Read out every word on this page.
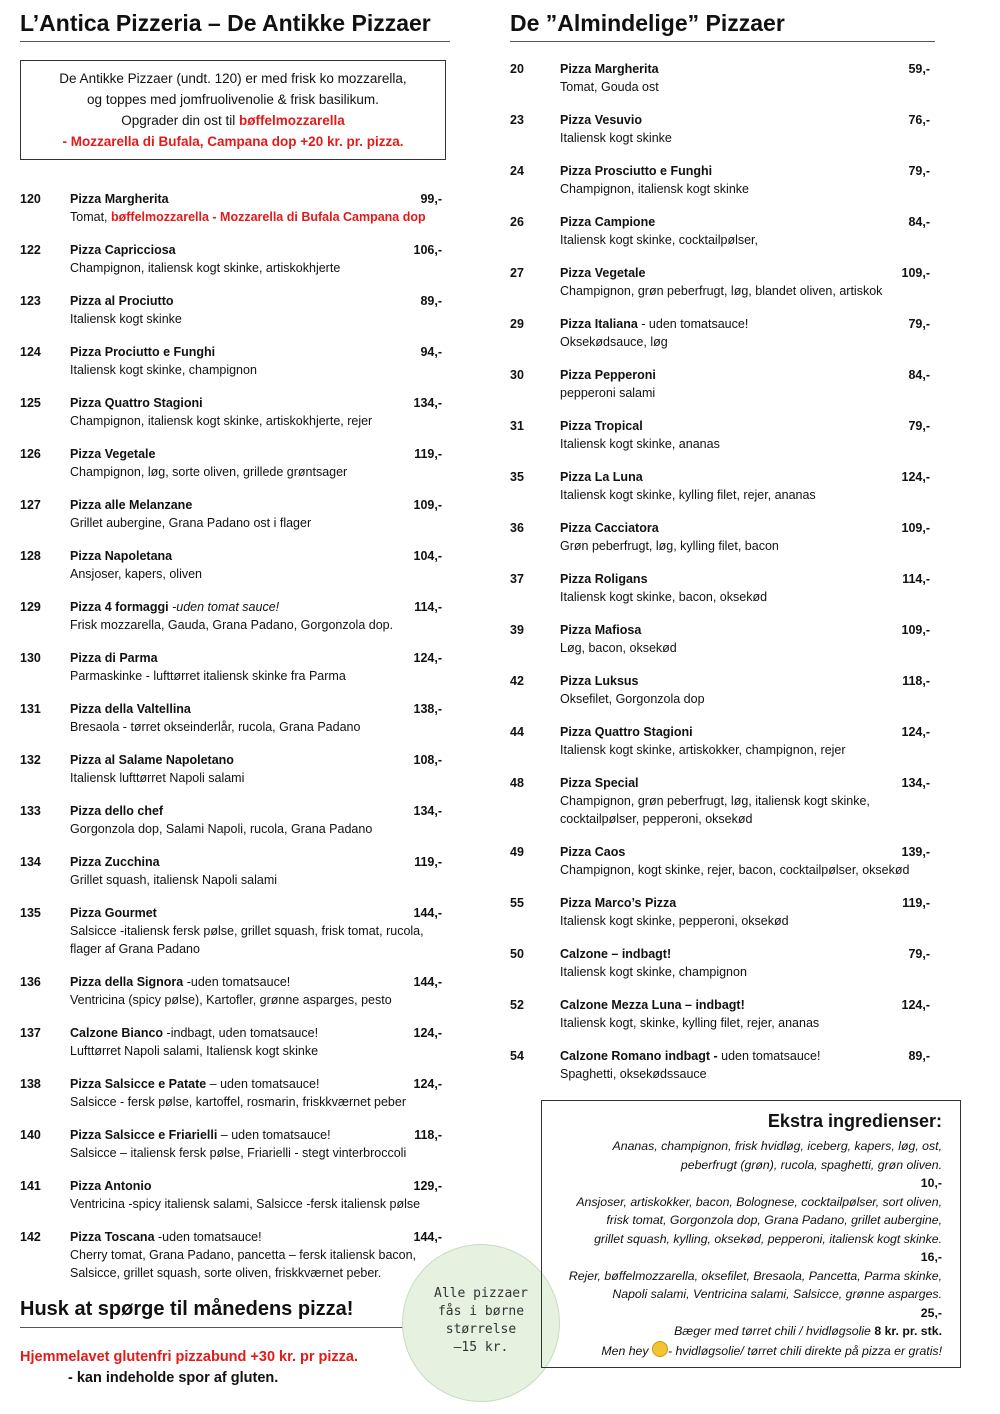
L’Antica Pizzeria – De Antikke Pizzaer
De Antikke Pizzaer (undt. 120) er med frisk ko mozzarella,
og toppes med jomfruolivenolie & frisk basilikum.
Opgrader din ost til bøffelmozzarella
- Mozzarella di Bufala, Campana dop +20 kr. pr. pizza.
120 Pizza Margherita	99,-
Tomat, bøffelmozzarella - Mozzarella di Bufala Campana dop
122 Pizza Capricciosa	106,-
Champignon, italiensk kogt skinke, artiskokhjerte
123 Pizza al Prociutto	89,-
Italiensk kogt skinke
124 Pizza Prociutto e Funghi	94,-
Italiensk kogt skinke, champignon
125 Pizza Quattro Stagioni	134,-
Champignon, italiensk kogt skinke, artiskokhjerte, rejer
126 Pizza Vegetale	119,-
Champignon, løg, sorte oliven, grillede grøntsager
127 Pizza alle Melanzane	109,-
Grillet aubergine, Grana Padano ost i flager
128 Pizza Napoletana	104,-
Ansjoser, kapers, oliven
129 Pizza 4 formaggi -uden tomat sauce!	114,-
Frisk mozzarella, Gauda, Grana Padano, Gorgonzola dop.
130 Pizza di Parma	124,-
Parmaskinke - lufttørret italiensk skinke fra Parma
131 Pizza della Valtellina	138,-
Bresaola - tørret okseinderlår, rucola, Grana Padano
132 Pizza al Salame Napoletano	108,-
Italiensk lufttørret Napoli salami
133 Pizza dello chef	134,-
Gorgonzola dop, Salami Napoli, rucola, Grana Padano
134 Pizza Zucchina	119,-
Grillet squash, italiensk Napoli salami
135 Pizza Gourmet	144,-
Salsicce -italiensk fersk pølse, grillet squash, frisk tomat, rucola, flager af Grana Padano
136 Pizza della Signora -uden tomatsauce!	144,-
Ventricina (spicy pølse), Kartofler, grønne asparges, pesto
137 Calzone Bianco -indbagt, uden tomatsauce!	124,-
Lufttørret Napoli salami, Italiensk kogt skinke
138 Pizza Salsicce e Patate – uden tomatsauce!	124,-
Salsicce - fersk pølse, kartoffel, rosmarin, friskkværnet peber
140 Pizza Salsicce e Friarielli – uden tomatsauce!	118,-
Salsicce – italiensk fersk pølse, Friarielli - stegt vinterbroccoli
141 Pizza Antonio	129,-
Ventricina -spicy italiensk salami, Salsicce -fersk italiensk pølse
142 Pizza Toscana -uden tomatsauce!	144,-
Cherry tomat, Grana Padano, pancetta – fersk italiensk bacon, Salsicce, grillet squash, sorte oliven, friskkværnet peber.
De ”Almindelige” Pizzaer
20	Pizza Margherita	59,-
Tomat, Gouda ost
23	Pizza Vesuvio	76,-
Italiensk kogt skinke
24	Pizza Prosciutto e Funghi	79,-
Champignon, italiensk kogt skinke
26	Pizza Campione	84,-
Italiensk kogt skinke, cocktailpølser,
27	Pizza Vegetale	109,-
Champignon, grøn peberfrugt, løg, blandet oliven, artiskok
29	Pizza Italiana - uden tomatsauce!	79,-
Oksekødsauce, løg
30	Pizza Pepperoni	84,-
pepperoni salami
31	Pizza Tropical	79,-
Italiensk kogt skinke, ananas
35	Pizza La Luna	124,-
Italiensk kogt skinke, kylling filet, rejer, ananas
36	Pizza Cacciatora	109,-
Grøn peberfrugt, løg, kylling filet, bacon
37	Pizza Roligans	114,-
Italiensk kogt skinke, bacon, oksekød
39	Pizza Mafiosa	109,-
Løg, bacon, oksekød
42	Pizza Luksus	118,-
Oksefilet, Gorgonzola dop
44	Pizza Quattro Stagioni	124,-
Italiensk kogt skinke, artiskokker, champignon, rejer
48	Pizza Special	134,-
Champignon, grøn peberfrugt, løg, italiensk kogt skinke, cocktailpølser, pepperoni, oksekød
49	Pizza Caos	139,-
Champignon, kogt skinke, rejer, bacon, cocktailpølser, oksekød
55	Pizza Marco’s Pizza	119,-
Italiensk kogt skinke, pepperoni, oksekød
50	Calzone – indbagt!	79,-
Italiensk kogt skinke, champignon
52	Calzone Mezza Luna – indbagt!	124,-
Italiensk kogt, skinke, kylling filet, rejer, ananas
54	Calzone Romano indbagt - uden tomatsauce!	89,-
Spaghetti, oksekødssauce
Husk at spørge til månedens pizza!
Hjemmelavet glutenfri pizzabund +30 kr. pr pizza.
- kan indeholde spor af gluten.
Alle pizzaer
fås i børne størrelse
–15 kr.
Ekstra ingredienser:
Ananas, champignon, frisk hvidløg, iceberg, kapers, løg, ost,
peberfrugt (grøn), rucola, spaghetti, grøn oliven.
10,-
Ansjoser, artiskokker, bacon, Bolognese, cocktailpølser, sort oliven,
frisk tomat, Gorgonzola dop, Grana Padano, grillet aubergine,
grillet squash, kylling, oksekød, pepperoni, italiensk kogt skinke.
16,-
Rejer, bøffelmozzarella, oksefilet, Bresaola, Pancetta, Parma skinke,
Napoli salami, Ventricina salami, Salsicce, grønne asparges.
25,-
Bæger med tørret chili / hvidløgsolie 8 kr. pr. stk.
Men hey - hvidløgsolie/ tørret chili direkte på pizza er gratis!
